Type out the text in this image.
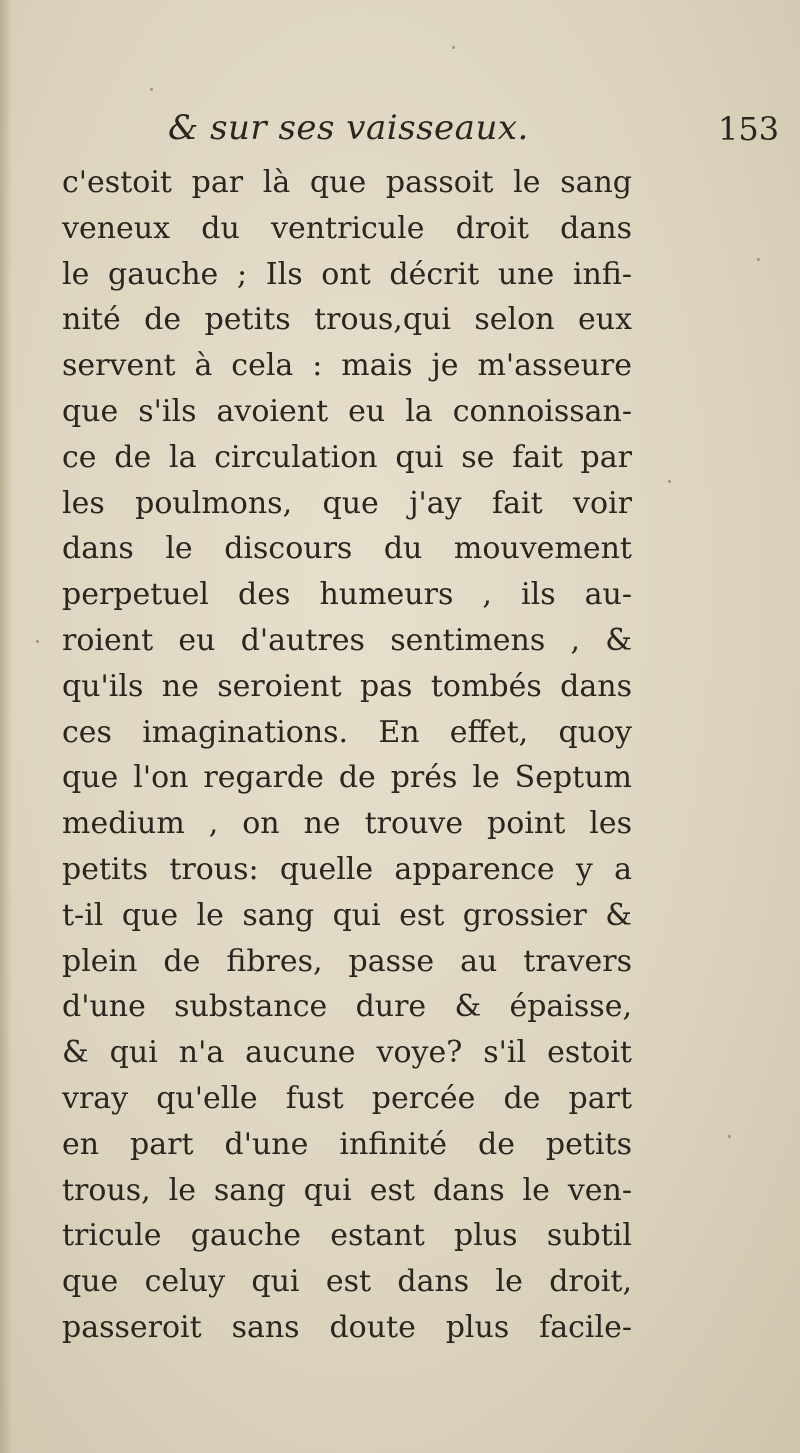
& sur ses vaisseaux.	153
c'estoit par là que passoit le sang
veneux du ventricule droit dans
le gauche ; Ils ont décrit une infi-
nité de petits trous,qui selon eux
servent à cela : mais je m'asseure
que s'ils avoient eu la connoissan-
ce de la circulation qui se fait par
les poulmons, que j'ay fait voir
dans le discours du mouvement
perpetuel des humeurs , ils au-
roient eu d'autres sentimens , &
qu'ils ne seroient pas tombés dans
ces imaginations. En effet, quoy
que l'on regarde de prés le Septum
medium , on ne trouve point les
petits trous: quelle apparence y a
t-il que le sang qui est grossier &
plein de fibres, passe au travers
d'une substance dure & épaisse,
& qui n'a aucune voye? s'il estoit
vray qu'elle fust percée de part
en part d'une infinité de petits
trous, le sang qui est dans le ven-
tricule gauche estant plus subtil
que celuy qui est dans le droit,
passeroit sans doute plus facile-
